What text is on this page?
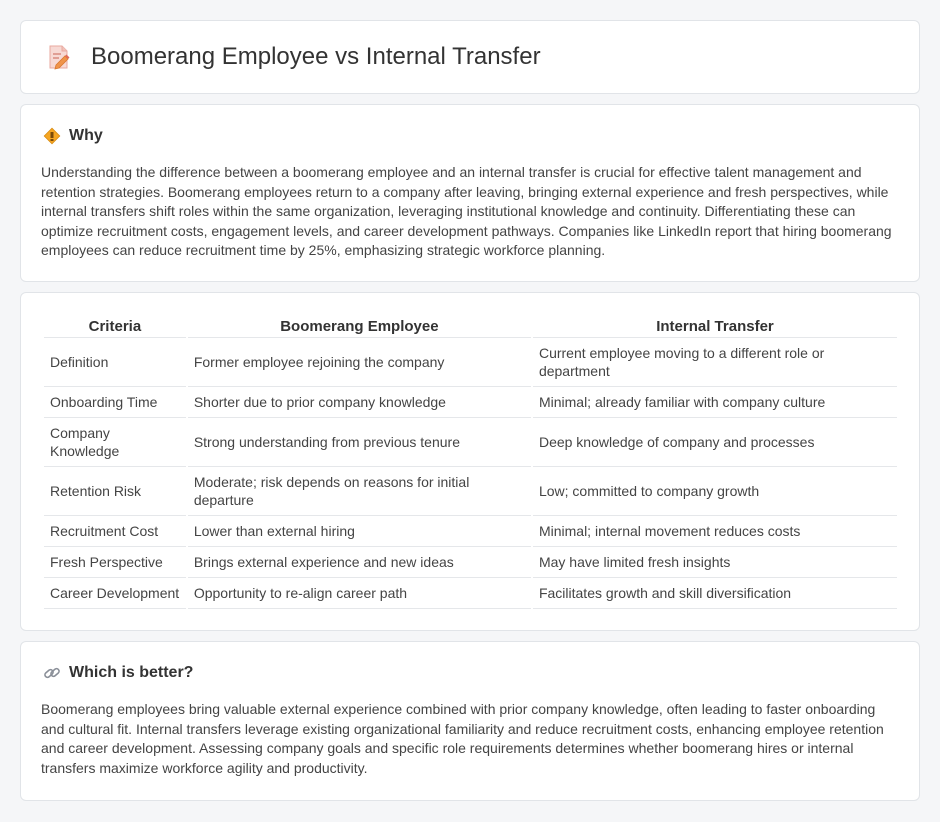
Boomerang Employee vs Internal Transfer
Why

Understanding the difference between a boomerang employee and an internal transfer is crucial for effective talent management and retention strategies. Boomerang employees return to a company after leaving, bringing external experience and fresh perspectives, while internal transfers shift roles within the same organization, leveraging institutional knowledge and continuity. Differentiating these can optimize recruitment costs, engagement levels, and career development pathways. Companies like LinkedIn report that hiring boomerang employees can reduce recruitment time by 25%, emphasizing strategic workforce planning.

Criteria	Boomerang Employee	Internal Transfer
Definition	Former employee rejoining the company	Current employee moving to a different role or department
Onboarding Time	Shorter due to prior company knowledge	Minimal; already familiar with company culture
Company Knowledge	Strong understanding from previous tenure	Deep knowledge of company and processes
Retention Risk	Moderate; risk depends on reasons for initial departure	Low; committed to company growth
Recruitment Cost	Lower than external hiring	Minimal; internal movement reduces costs
Fresh Perspective	Brings external experience and new ideas	May have limited fresh insights
Career Development	Opportunity to re-align career path	Facilitates growth and skill diversification
Which is better?

Boomerang employees bring valuable external experience combined with prior company knowledge, often leading to faster onboarding and cultural fit. Internal transfers leverage existing organizational familiarity and reduce recruitment costs, enhancing employee retention and career development. Assessing company goals and specific role requirements determines whether boomerang hires or internal transfers maximize workforce agility and productivity.
